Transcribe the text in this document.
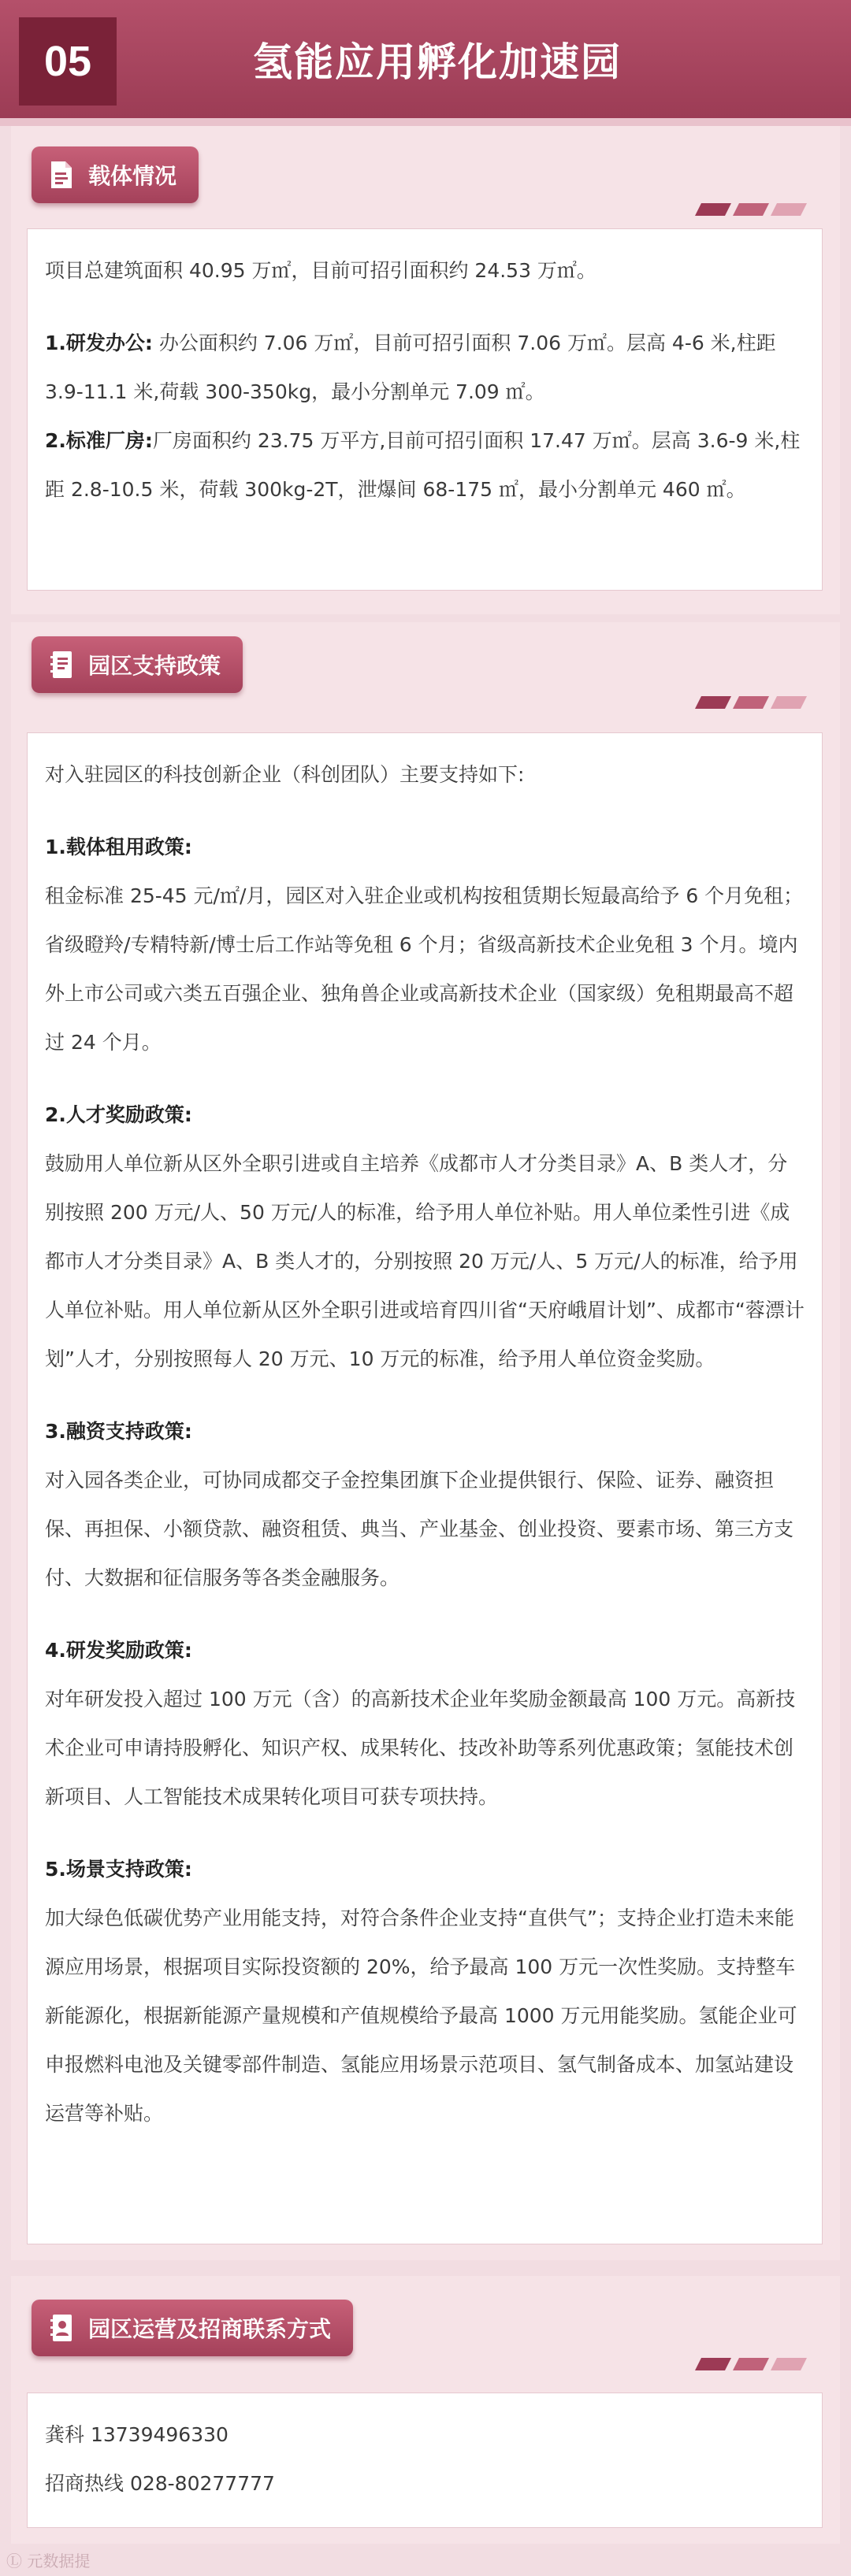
05	氢能应用孵化加速园
载体情况

项目总建筑面积 40.95 万㎡，目前可招引面积约 24.53 万㎡。

1.研发办公: 办公面积约 7.06 万㎡，目前可招引面积 7.06 万㎡。层高 4-6 米,柱距 3.9-11.1 米,荷载 300-350kg，最小分割单元 7.09 ㎡。

2.标准厂房:厂房面积约 23.75 万平方,目前可招引面积 17.47 万㎡。层高 3.6-9 米,柱距 2.8-10.5 米，荷载 300kg-2T，泄爆间 68-175 ㎡，最小分割单元 460 ㎡。

园区支持政策

对入驻园区的科技创新企业（科创团队）主要支持如下:

1.载体租用政策:

租金标准 25-45 元/㎡/月，园区对入驻企业或机构按租赁期长短最高给予 6 个月免租；省级瞪羚/专精特新/博士后工作站等免租 6 个月；省级高新技术企业免租 3 个月。境内外上市公司或六类五百强企业、独角兽企业或高新技术企业（国家级）免租期最高不超过 24 个月。

2.人才奖励政策:

鼓励用人单位新从区外全职引进或自主培养《成都市人才分类目录》A、B 类人才，分别按照 200 万元/人、50 万元/人的标准，给予用人单位补贴。用人单位柔性引进《成都市人才分类目录》A、B 类人才的，分别按照 20 万元/人、5 万元/人的标准，给予用人单位补贴。用人单位新从区外全职引进或培育四川省“天府峨眉计划”、成都市“蓉漂计划”人才，分别按照每人 20 万元、10 万元的标准，给予用人单位资金奖励。

3.融资支持政策:

对入园各类企业，可协同成都交子金控集团旗下企业提供银行、保险、证券、融资担保、再担保、小额贷款、融资租赁、典当、产业基金、创业投资、要素市场、第三方支付、大数据和征信服务等各类金融服务。

4.研发奖励政策:

对年研发投入超过 100 万元（含）的高新技术企业年奖励金额最高 100 万元。高新技术企业可申请持股孵化、知识产权、成果转化、技改补助等系列优惠政策；氢能技术创新项目、人工智能技术成果转化项目可获专项扶持。

5.场景支持政策:

加大绿色低碳优势产业用能支持，对符合条件企业支持“直供气”；支持企业打造未来能源应用场景，根据项目实际投资额的 20%，给予最高 100 万元一次性奖励。支持整车新能源化，根据新能源产量规模和产值规模给予最高 1000 万元用能奖励。氢能企业可申报燃料电池及关键零部件制造、氢能应用场景示范项目、氢气制备成本、加氢站建设运营等补贴。

园区运营及招商联系方式

龚科 13739496330

招商热线 028-80277777

Ⓛ 元数据提
